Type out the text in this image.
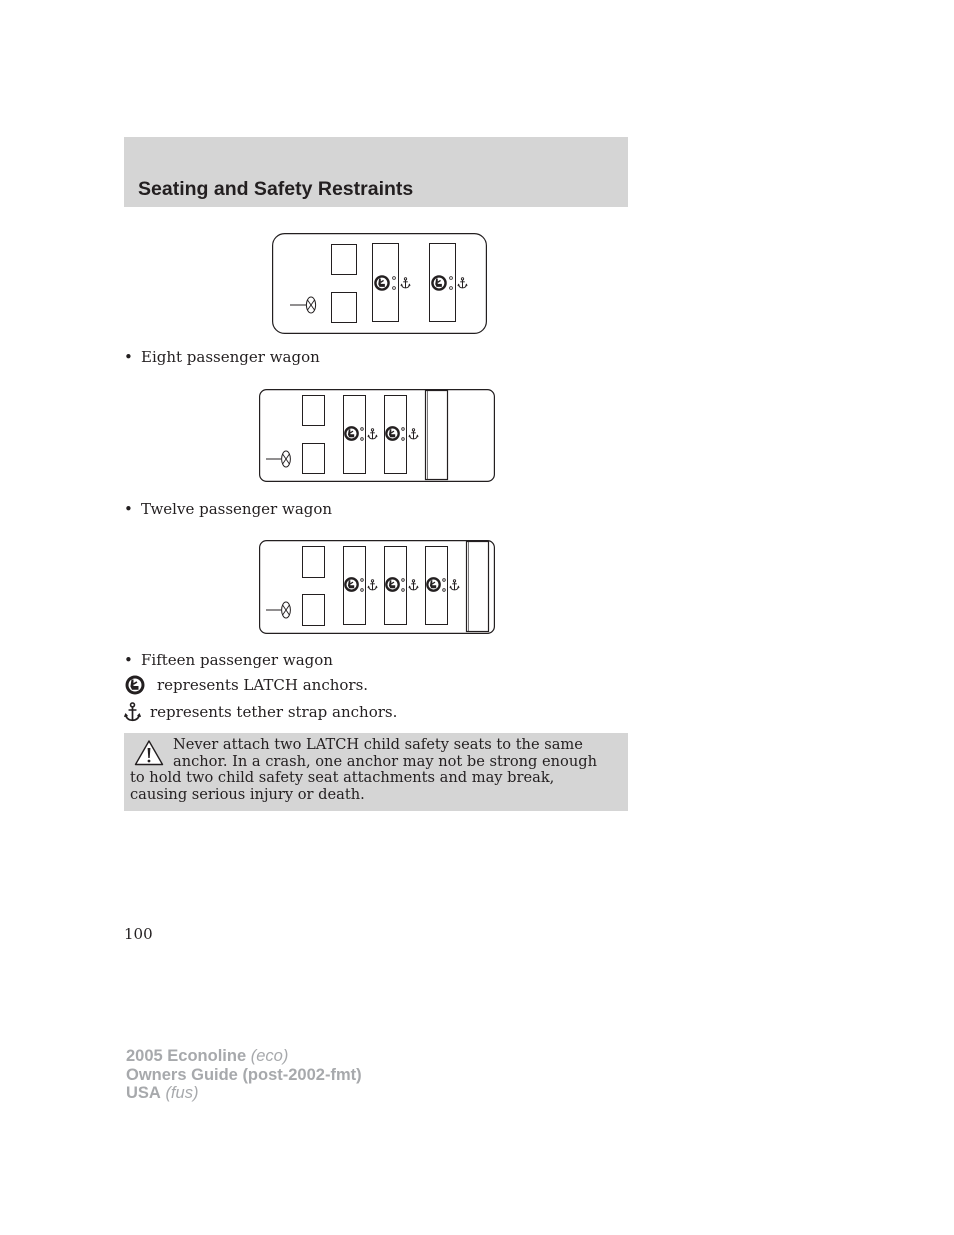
Seating and Safety Restraints
• Eight passenger wagon
• Twelve passenger wagon
• Fifteen passenger wagon
represents LATCH anchors.
represents tether strap anchors.

Never attach two LATCH child safety seats to the same anchor. In a crash, one anchor may not be strong enough to hold two child safety seat attachments and may break, causing serious injury or death.

100
2005 Econoline (eco)
Owners Guide (post-2002-fmt)
USA (fus)
